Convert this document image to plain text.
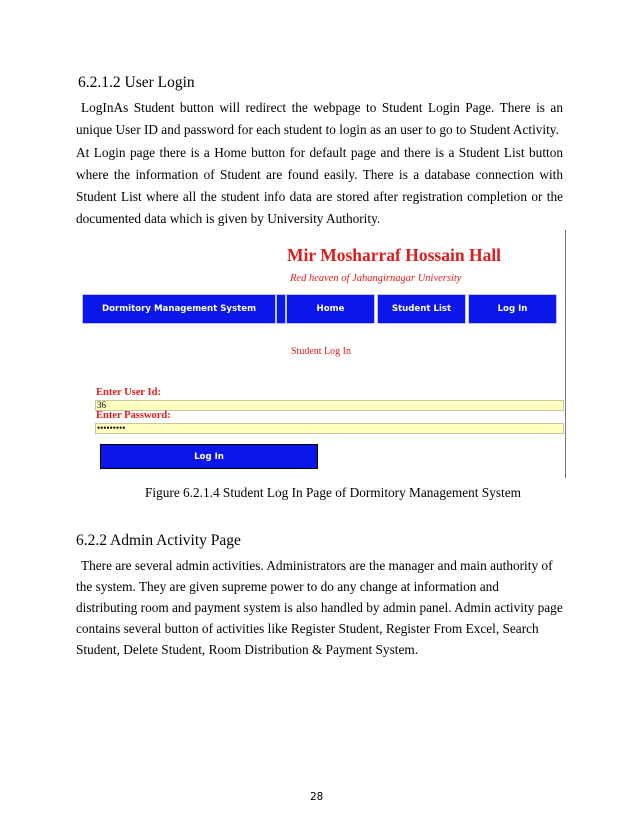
6.2.1.2 User Login

LogInAs Student button will redirect the webpage to Student Login Page. There is an unique User ID and password for each student to login as an user to go to Student Activity.

At Login page there is a Home button for default page and there is a Student List button where the information of Student are found easily. There is a database connection with Student List where all the student info data are stored after registration completion or the documented data which is given by University Authority.

Mir Mosharraf Hossain Hall
Red heaven of Jahangirnagar University
Dormitory Management System	Home	Student List	Log In
Student Log In
Enter User Id:
36
Enter Password:
•••••••••
Log In
Figure 6.2.1.4 Student Log In Page of Dormitory Management System
6.2.2 Admin Activity Page

There are several admin activities. Administrators are the manager and main authority of the system. They are given supreme power to do any change at information and distributing room and payment system is also handled by admin panel. Admin activity page contains several button of activities like Register Student, Register From Excel, Search Student, Delete Student, Room Distribution & Payment System.

28
